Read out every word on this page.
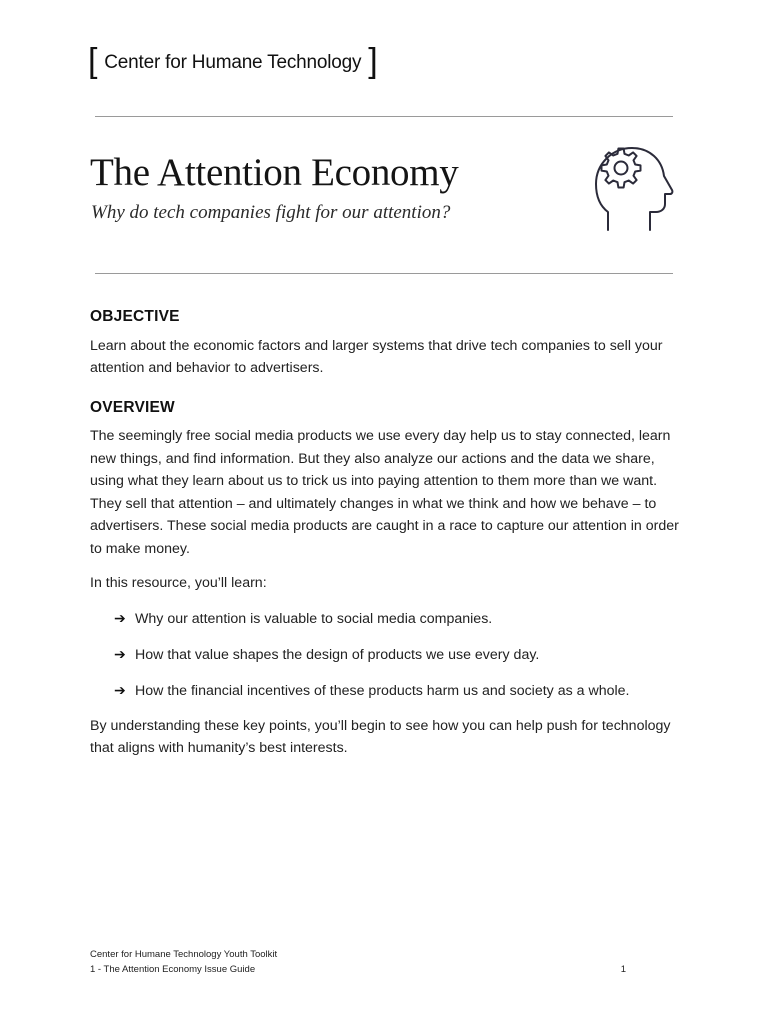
[ Center for Humane Technology ]
The Attention Economy

Why do tech companies fight for our attention?

OBJECTIVE

Learn about the economic factors and larger systems that drive tech companies to sell your attention and behavior to advertisers.

OVERVIEW

The seemingly free social media products we use every day help us to stay connected, learn new things, and find information. But they also analyze our actions and the data we share, using what they learn about us to trick us into paying attention to them more than we want. They sell that attention – and ultimately changes in what we think and how we behave – to advertisers. These social media products are caught in a race to capture our attention in order to make money.

In this resource, you’ll learn:

➔ Why our attention is valuable to social media companies.
➔ How that value shapes the design of products we use every day.
➔ How the financial incentives of these products harm us and society as a whole.

By understanding these key points, you’ll begin to see how you can help push for technology that aligns with humanity’s best interests.

Center for Humane Technology Youth Toolkit
1 - The Attention Economy Issue Guide	1
